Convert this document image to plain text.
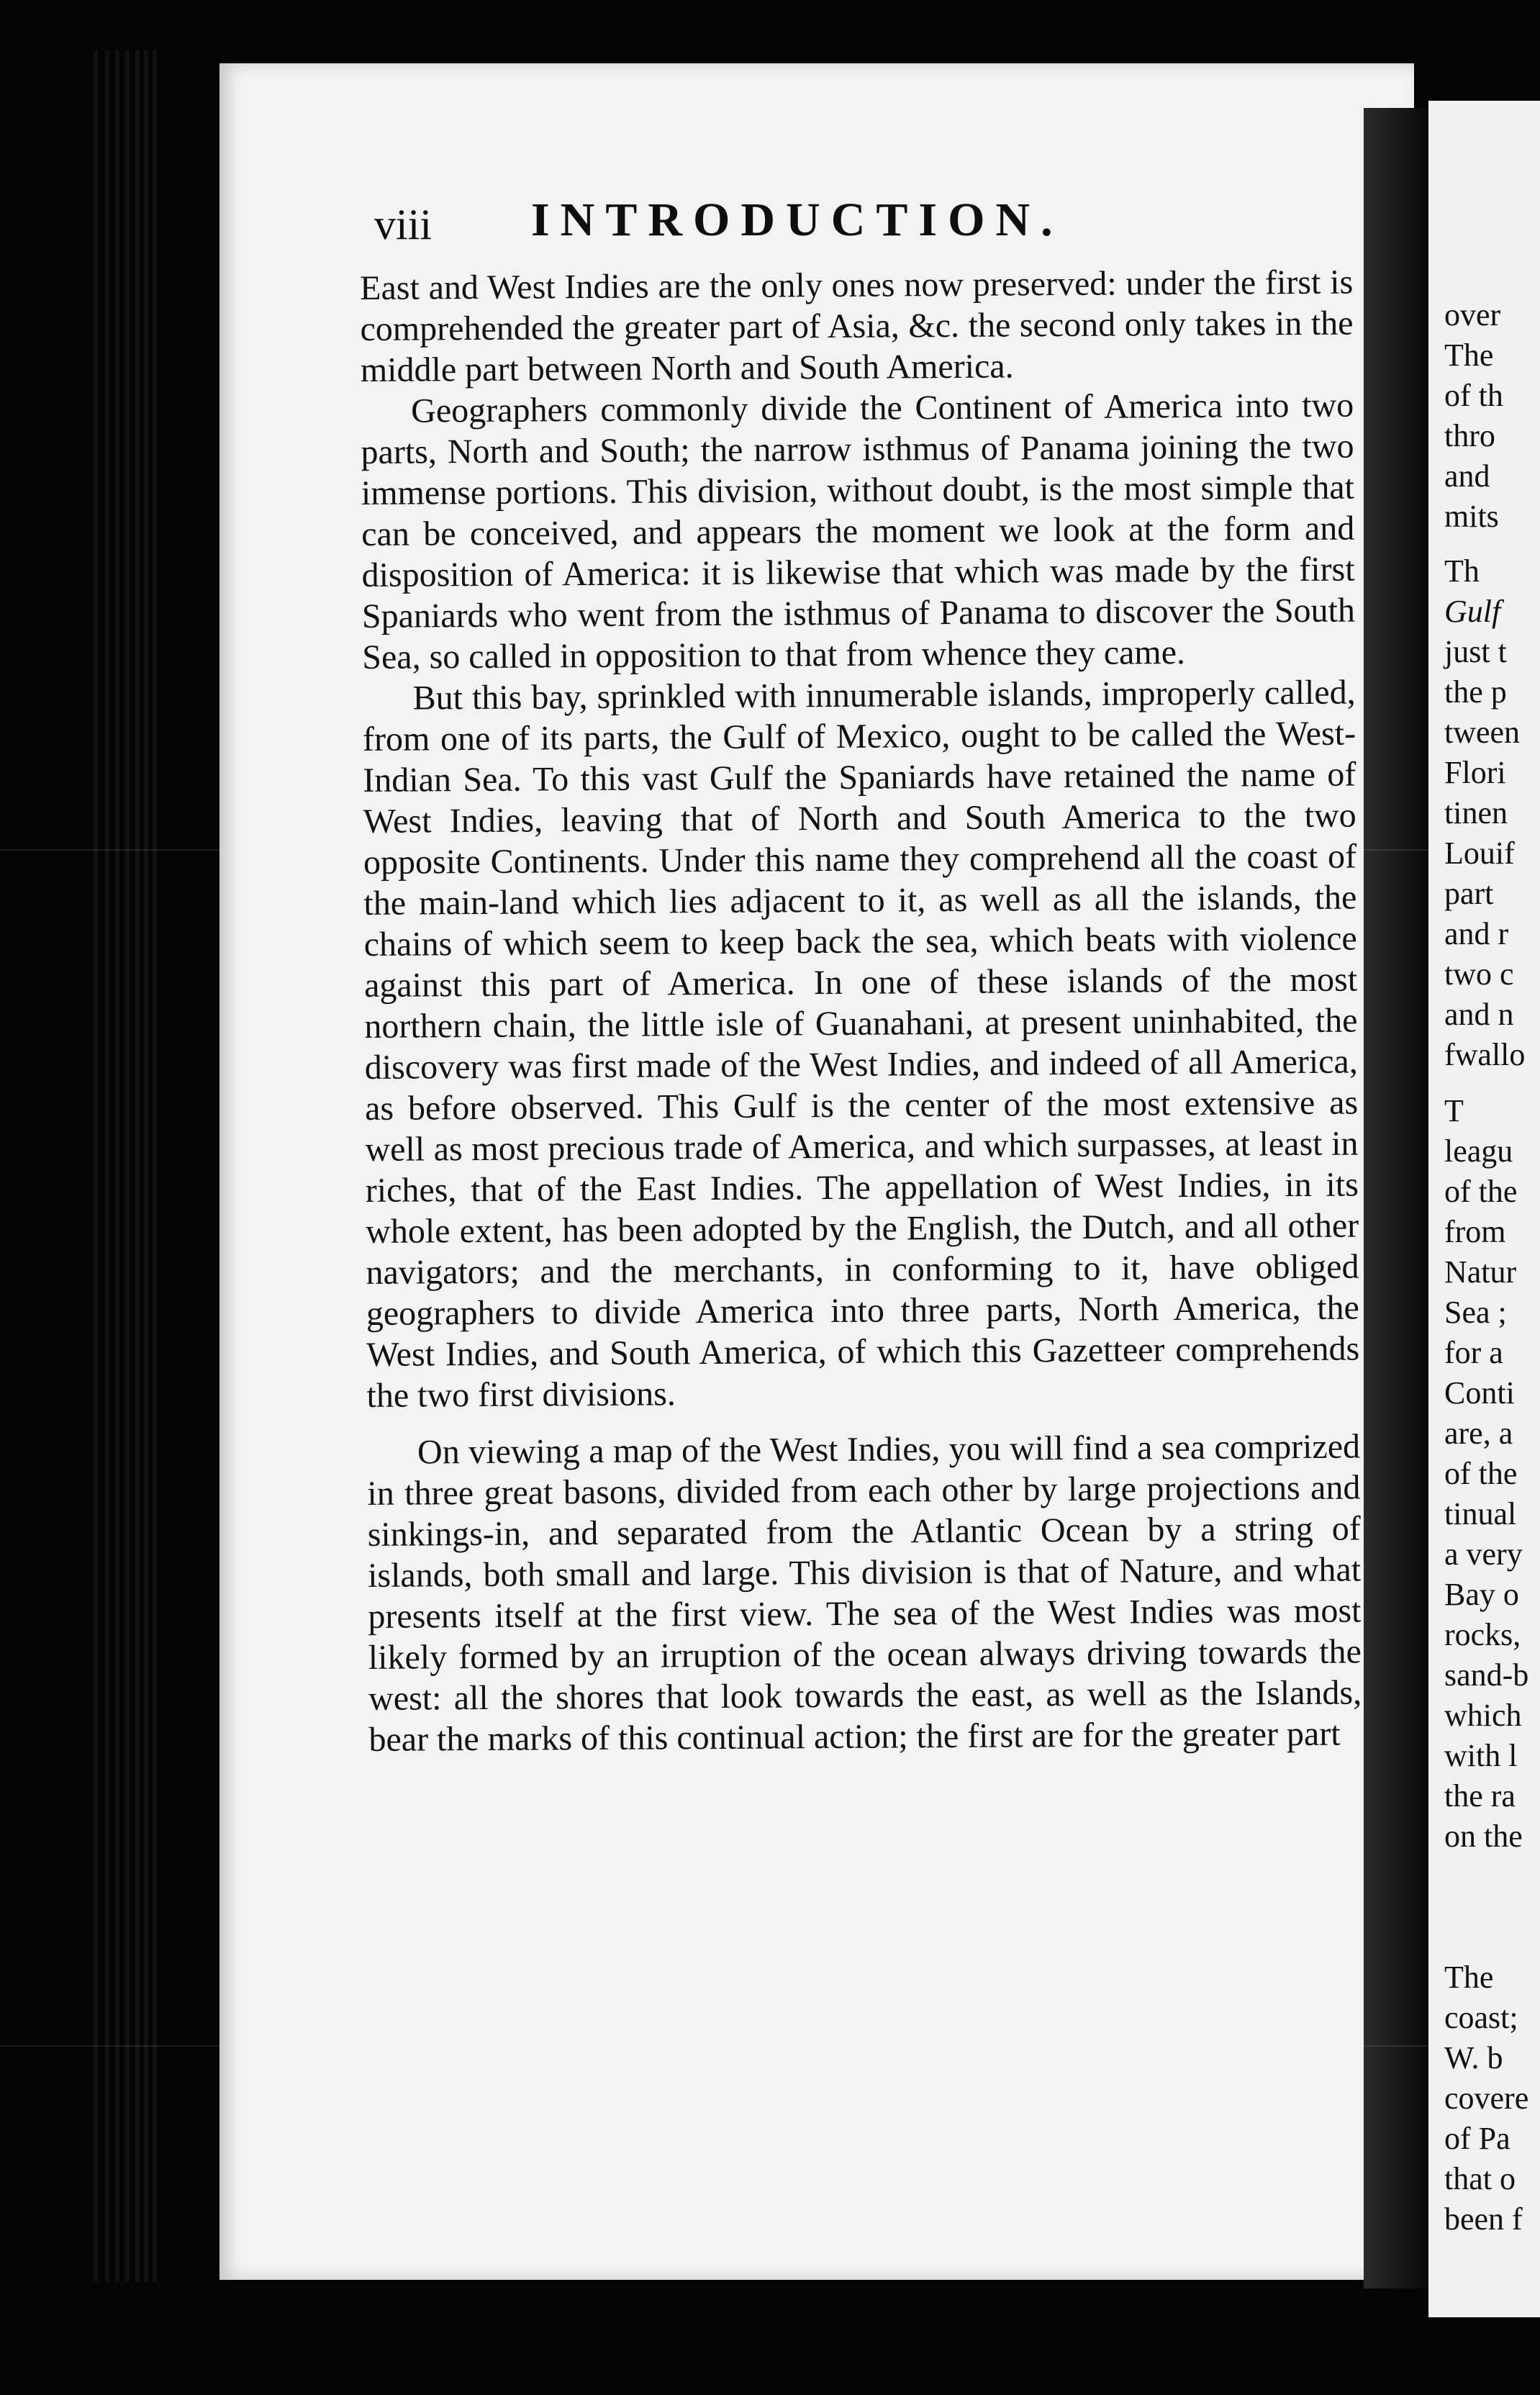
over
The
of th
thro
and
mits
Th
Gulf
just t
the p
tween
Flori
tinen
Louif
part
and r
two c
and n
fwallo
T
leagu
of the
from
Natur
Sea ;
for a
Conti
are, a
of the
tinual
a very
Bay o
rocks,
sand-b
which
with l
the ra
on the
The
coast;
W. b
covere
of Pa
that o
been f
viii INTRODUCTION.

East and West Indies are the only ones now preserved: under the first is comprehended the greater part of Asia, &c. the second only takes in the middle part between North and South America.

Geographers commonly divide the Continent of America into two parts, North and South; the narrow isthmus of Panama joining the two immense portions. This division, without doubt, is the most simple that can be conceived, and appears the moment we look at the form and disposition of America: it is likewise that which was made by the first Spaniards who went from the isthmus of Panama to discover the South Sea, so called in opposition to that from whence they came.

But this bay, sprinkled with innumerable islands, improperly called, from one of its parts, the Gulf of Mexico, ought to be called the West-Indian Sea. To this vast Gulf the Spaniards have retained the name of West Indies, leaving that of North and South America to the two opposite Continents. Under this name they comprehend all the coast of the main-land which lies adjacent to it, as well as all the islands, the chains of which seem to keep back the sea, which beats with violence against this part of America. In one of these islands of the most northern chain, the little isle of Guanahani, at present uninhabited, the discovery was first made of the West Indies, and indeed of all America, as before observed. This Gulf is the center of the most extensive as well as most precious trade of America, and which surpasses, at least in riches, that of the East Indies. The appellation of West Indies, in its whole extent, has been adopted by the English, the Dutch, and all other navigators; and the merchants, in conforming to it, have obliged geographers to divide America into three parts, North America, the West Indies, and South America, of which this Gazetteer comprehends the two first divisions.

On viewing a map of the West Indies, you will find a sea comprized in three great basons, divided from each other by large projections and sinkings-in, and separated from the Atlantic Ocean by a string of islands, both small and large. This division is that of Nature, and what presents itself at the first view. The sea of the West Indies was most likely formed by an irruption of the ocean always driving towards the west: all the shores that look towards the east, as well as the Islands, bear the marks of this continual action; the first are for the greater part
